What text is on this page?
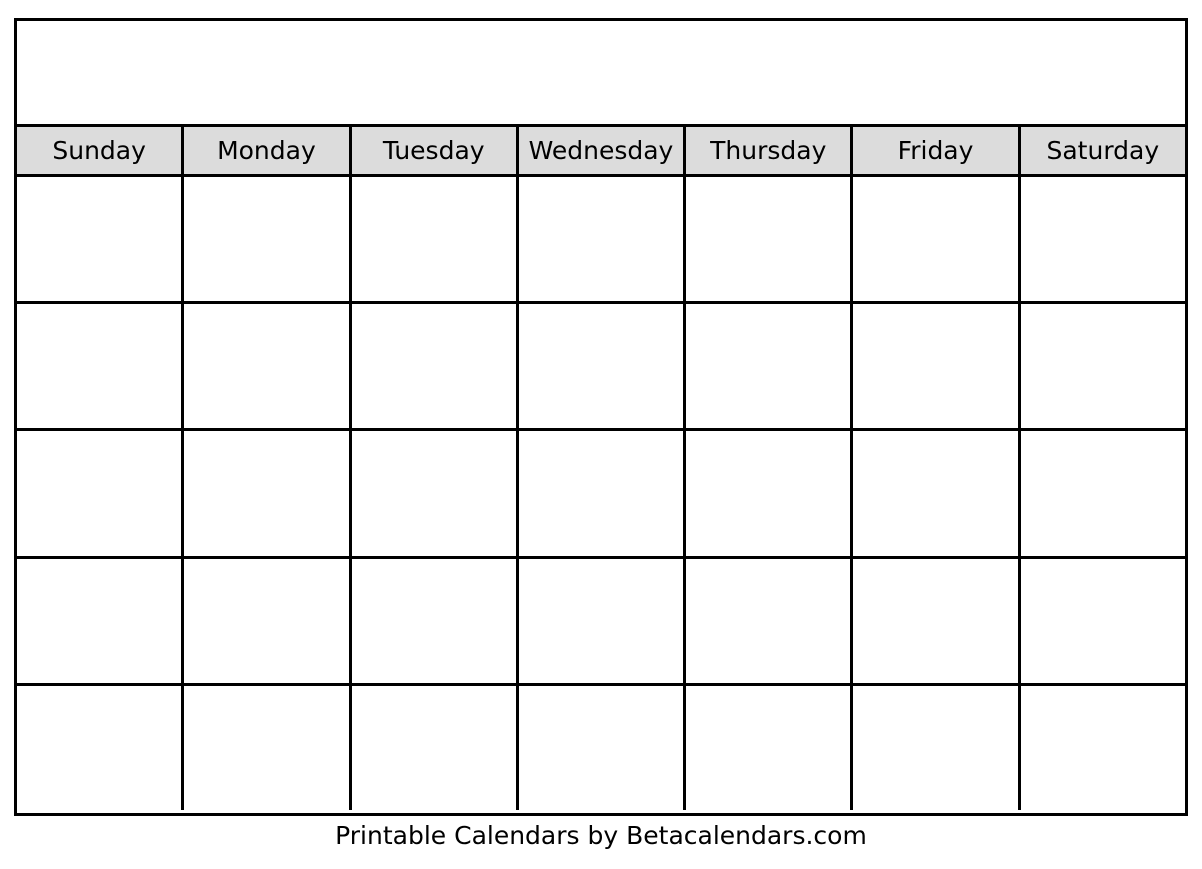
Sunday	Monday	Tuesday Wednesday Thursday	Friday	Saturday
Printable Calendars by Betacalendars.com
